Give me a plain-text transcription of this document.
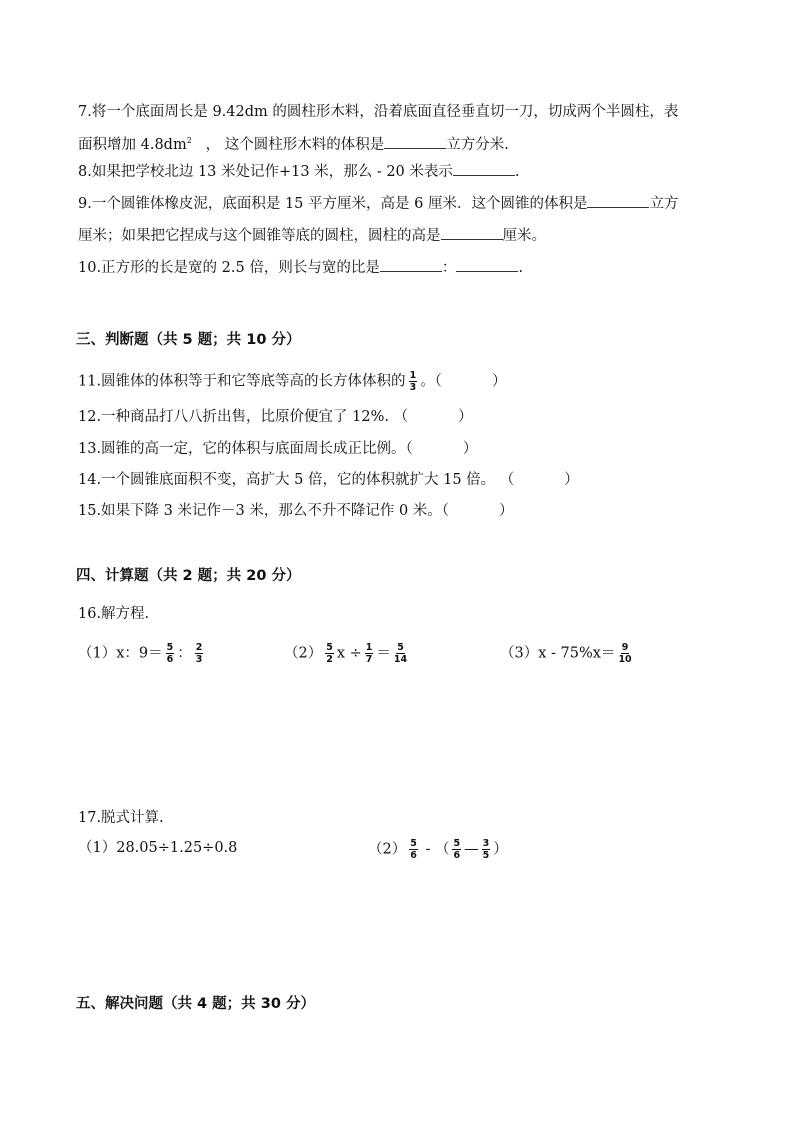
7.将一个底面周长是 9.42dm 的圆柱形木料，沿着底面直径垂直切一刀，切成两个半圆柱，表
面积增加 $4.8dm^2$ ， 这个圆柱形木料的体积是	立方分米.
8.如果把学校北边 13 米处记作+13 米，那么 - 20 米表示	.
9.一个圆锥体橡皮泥，底面积是 15 平方厘米，高是 6 厘米．这个圆锥的体积是	立方
厘米；如果把它捏成与这个圆锥等底的圆柱，圆柱的高是	厘米。
10.正方形的长是宽的 2.5 倍，则长与宽的比是	：	.
三、判断题（共 5 题；共 10 分）
11.圆锥体的体积等于和它等底等高的长方体体积的 $\frac{1}{3}$ 。（	）
12.一种商品打八八折出售，比原价便宜了 12%. （	）
13.圆锥的高一定，它的体积与底面周长成正比例。（	）
14.一个圆锥底面积不变，高扩大 5 倍，它的体积就扩大 15 倍。 （	）
15.如果下降 3 米记作－3 米，那么不升不降记作 0 米。（	）
四、计算题（共 2 题；共 20 分）
16.解方程.
（1）x：$9= \frac{5}{6}$ ： $\frac{2}{3}$	$(2) \frac{5}{2}$ $x \div \frac{1}{7} = \frac{5}{14}$	$(3)x - 75\%x= \frac{9}{10}$
17.脱式计算.
（1）28.05÷1.25÷0.8	$(2) \frac{5}{6}$ - （ $\frac{5}{6}$ — $\frac{3}{5}$ ）
五、解决问题（共 4 题；共 30 分）
